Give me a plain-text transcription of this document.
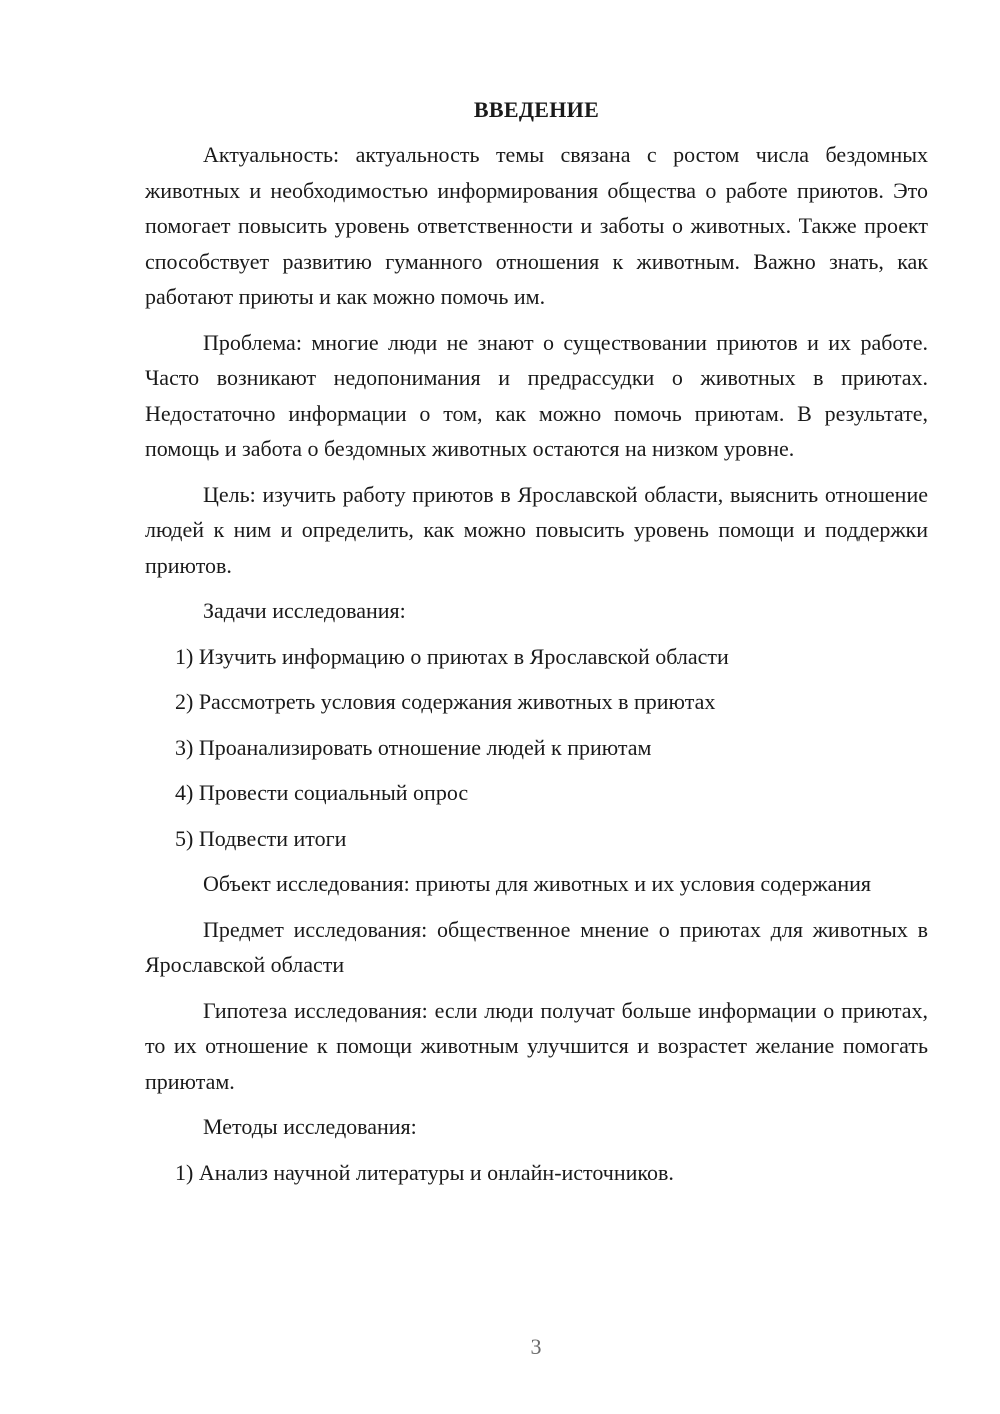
ВВЕДЕНИЕ

Актуальность: актуальность темы связана с ростом числа бездомных животных и необходимостью информирования общества о работе приютов. Это помогает повысить уровень ответственности и заботы о животных. Также проект способствует развитию гуманного отношения к животным. Важно знать, как работают приюты и как можно помочь им.

Проблема: многие люди не знают о существовании приютов и их работе. Часто возникают недопонимания и предрассудки о животных в приютах. Недостаточно информации о том, как можно помочь приютам. В результате, помощь и забота о бездомных животных остаются на низком уровне.

Цель: изучить работу приютов в Ярославской области, выяснить отношение людей к ним и определить, как можно повысить уровень помощи и поддержки приютов.

Задачи исследования:

1) Изучить информацию о приютах в Ярославской области
2) Рассмотреть условия содержания животных в приютах
3) Проанализировать отношение людей к приютам
4) Провести социальный опрос
5) Подвести итоги

Объект исследования: приюты для животных и их условия содержания

Предмет исследования: общественное мнение о приютах для животных в Ярославской области

Гипотеза исследования: если люди получат больше информации о приютах, то их отношение к помощи животным улучшится и возрастет желание помогать приютам.

Методы исследования:

1) Анализ научной литературы и онлайн-источников.
3
